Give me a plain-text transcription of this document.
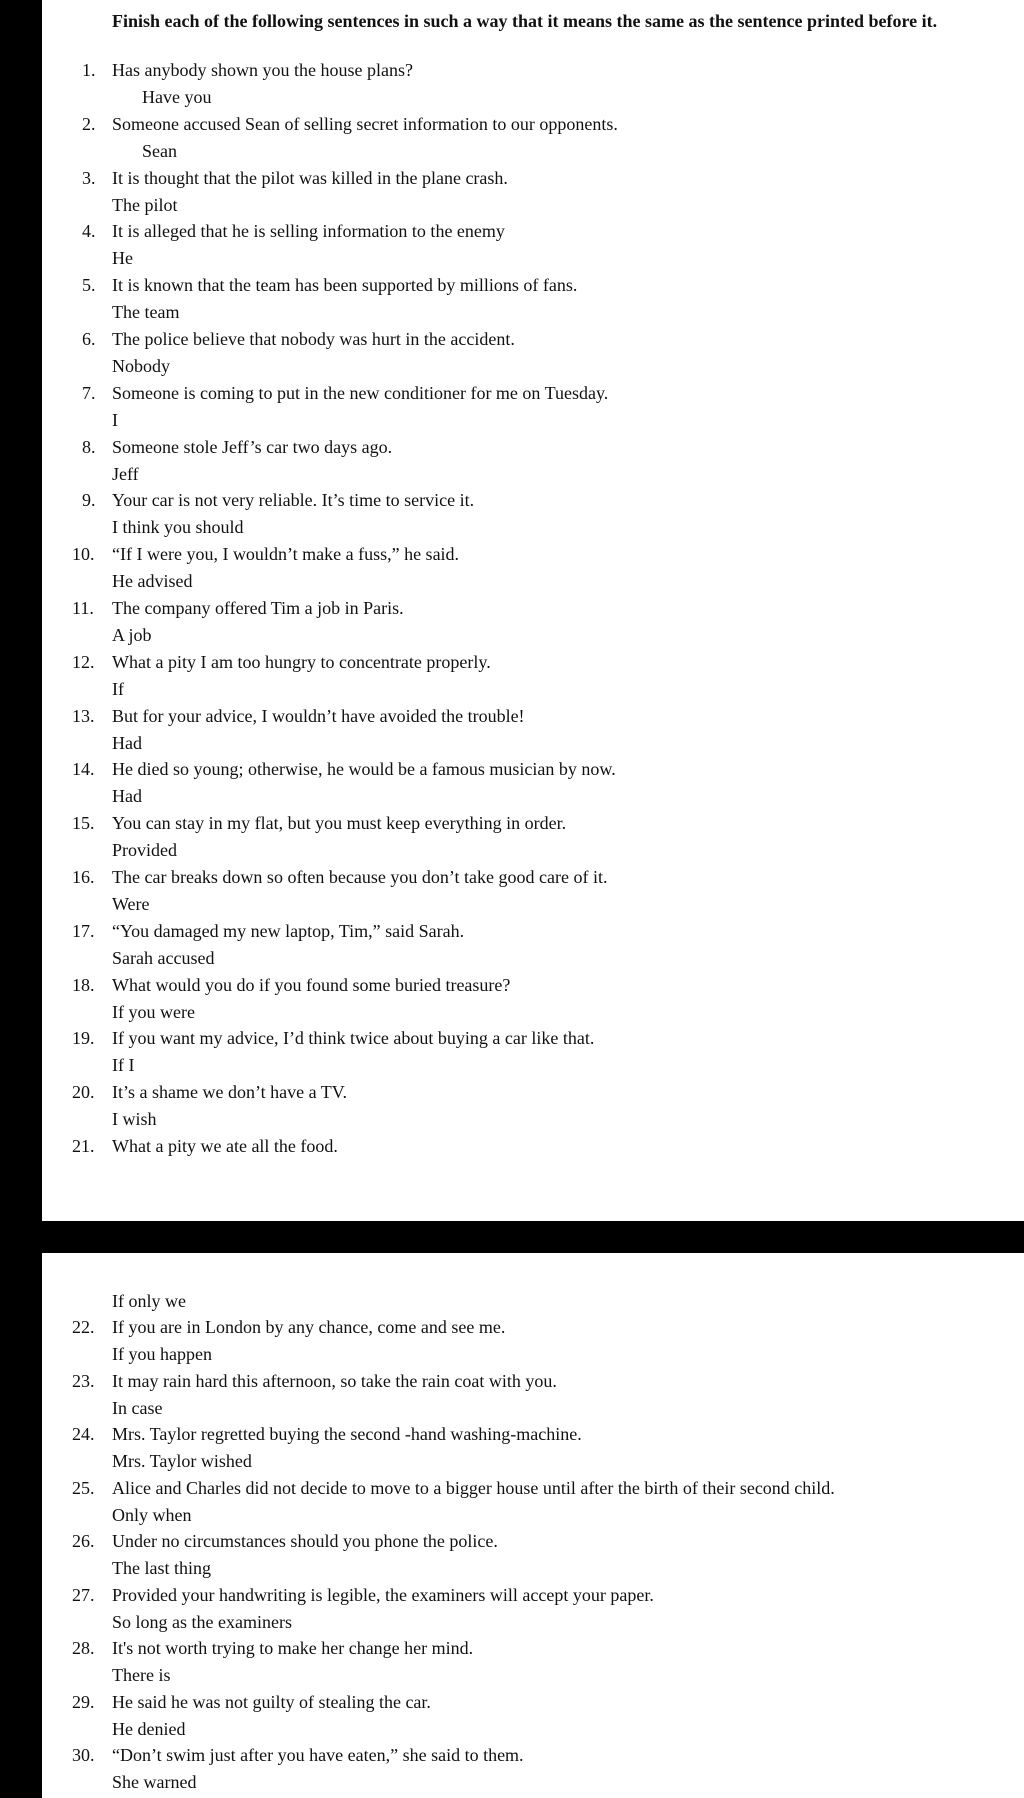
Finish each of the following sentences in such a way that it means the same as the sentence printed before it.

1. Has anybody shown you the house plans?
Have you
2. Someone accused Sean of selling secret information to our opponents.
Sean
3. It is thought that the pilot was killed in the plane crash.
The pilot
4. It is alleged that he is selling information to the enemy
He
5. It is known that the team has been supported by millions of fans.
The team
6. The police believe that nobody was hurt in the accident.
Nobody
7. Someone is coming to put in the new conditioner for me on Tuesday.
I
8. Someone stole Jeff’s car two days ago.
Jeff
9. Your car is not very reliable. It’s time to service it.
I think you should
10. “If I were you, I wouldn’t make a fuss,” he said.
He advised
11.	The company offered Tim a job in Paris.
A job
12. What a pity I am too hungry to concentrate properly.
If
13. But for your advice, I wouldn’t have avoided the trouble!
Had
14. He died so young; otherwise, he would be a famous musician by now.
Had
15. You can stay in my flat, but you must keep everything in order.
Provided
16. The car breaks down so often because you don’t take good care of it.
Were
17. “You damaged my new laptop, Tim,” said Sarah.
Sarah accused
18. What would you do if you found some buried treasure?
If you were
19. If you want my advice, I’d think twice about buying a car like that.
If I
20. It’s a shame we don’t have a TV.
I wish
21. What a pity we ate all the food.
If only we
22. If you are in London by any chance, come and see me.
If you happen
23. It may rain hard this afternoon, so take the rain coat with you.
In case
24. Mrs. Taylor regretted buying the second -hand washing-machine.
Mrs. Taylor wished
25. Alice and Charles did not decide to move to a bigger house until after the birth of their second child.
Only when
26. Under no circumstances should you phone the police.
The last thing
27. Provided your handwriting is legible, the examiners will accept your paper.
So long as the examiners
28. It's not worth trying to make her change her mind.
There is
29. He said he was not guilty of stealing the car.
He denied
30. “Don’t swim just after you have eaten,” she said to them.
She warned
